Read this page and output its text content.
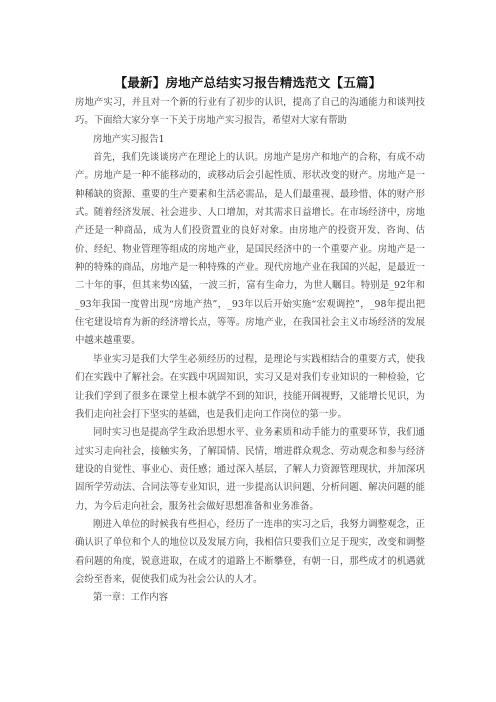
【最新】房地产总结实习报告精选范文【五篇】

房地产实习，并且对一个新的行业有了初步的认识，提高了自己的沟通能力和谈判技巧。下面给大家分享一下关于房地产实习报告，希望对大家有帮助

房地产实习报告1

首先，我们先谈谈房产在理论上的认识。房地产是房产和地产的合称，有成不动产。房地产是一种不能移动的，或移动后会引起性质、形状改变的财产。房地产是一种稀缺的资源、重要的生产要素和生活必需品，是人们最重视、最珍惜、体的财产形式。随着经济发展、社会进步、人口增加，对其需求日益增长。在市场经济中，房地产还是一种商品，成为人们投资置业的良好对象。由房地产的投资开发、咨询、估价、经纪、物业管理等组成的房地产业，是国民经济中的一个重要产业。房地产是一种的特殊的商品，房地产是一种特殊的产业。现代房地产业在我国的兴起，是最近一二十年的事，但其来势凶猛，一波三折，富有生命力，为世人瞩目。特别是_92年和_93年我国一度曾出现“房地产热”，_93年以后开始实施“宏观调控”，_98年提出把住宅建设培育为新的经济增长点，等等。房地产业，在我国社会主义市场经济的发展中越来越重要。

毕业实习是我们大学生必须经历的过程，是理论与实践相结合的重要方式，使我们在实践中了解社会。在实践中巩固知识，实习又是对我们专业知识的一种检验，它让我们学到了很多在课堂上根本就学不到的知识，技能开阔视野，又能增长见识，为我们走向社会打下坚实的基础，也是我们走向工作岗位的第一步。

同时实习也是提高学生政治思想水平、业务素质和动手能力的重要环节，我们通过实习走向社会，接触实务，了解国情、民情，增进群众观念、劳动观念和参与经济建设的自觉性、事业心、责任感；通过深入基层，了解人力资源管理现状，并加深巩固所学劳动法、合同法等专业知识，进一步提高认识问题、分析问题、解决问题的能力，为今后走向社会，服务社会做好思想准备和业务准备。

刚进入单位的时候我有些担心，经历了一连串的实习之后，我努力调整观念，正确认识了单位和个人的地位以及发展方向，我相信只要我们立足于现实，改变和调整看问题的角度，锐意进取，在成才的道路上不断攀登，有朝一日，那些成才的机遇就会纷至沓来，促使我们成为社会公认的人才。

第一章：工作内容
